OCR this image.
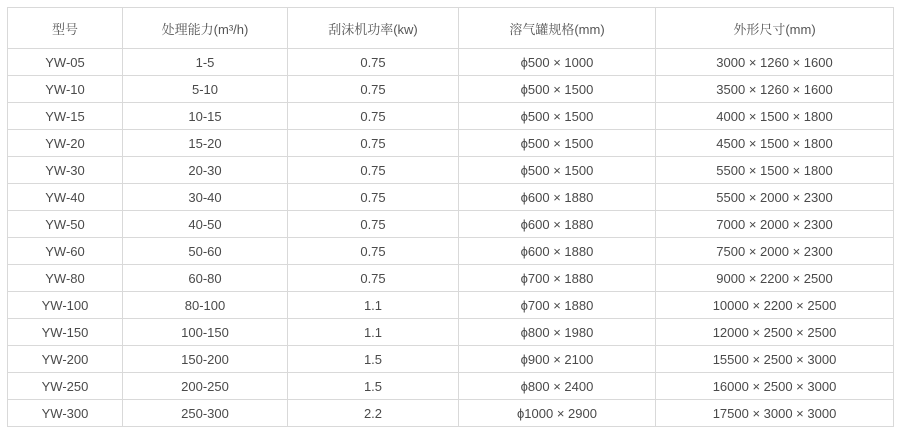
型号	处理能力(m³/h)	刮沫机功率(kw)	溶气罐规格(mm)	外形尺寸(mm)
YW-05	1-5	0.75	ϕ500 × 1000	3000 × 1260 × 1600
YW-10	5-10	0.75	ϕ500 × 1500	3500 × 1260 × 1600
YW-15	10-15	0.75	ϕ500 × 1500	4000 × 1500 × 1800
YW-20	15-20	0.75	ϕ500 × 1500	4500 × 1500 × 1800
YW-30	20-30	0.75	ϕ500 × 1500	5500 × 1500 × 1800
YW-40	30-40	0.75	ϕ600 × 1880	5500 × 2000 × 2300
YW-50	40-50	0.75	ϕ600 × 1880	7000 × 2000 × 2300
YW-60	50-60	0.75	ϕ600 × 1880	7500 × 2000 × 2300
YW-80	60-80	0.75	ϕ700 × 1880	9000 × 2200 × 2500
YW-100	80-100	1.1	ϕ700 × 1880	10000 × 2200 × 2500
YW-150	100-150	1.1	ϕ800 × 1980	12000 × 2500 × 2500
YW-200	150-200	1.5	ϕ900 × 2100	15500 × 2500 × 3000
YW-250	200-250	1.5	ϕ800 × 2400	16000 × 2500 × 3000
YW-300	250-300	2.2	ϕ1000 × 2900	17500 × 3000 × 3000
